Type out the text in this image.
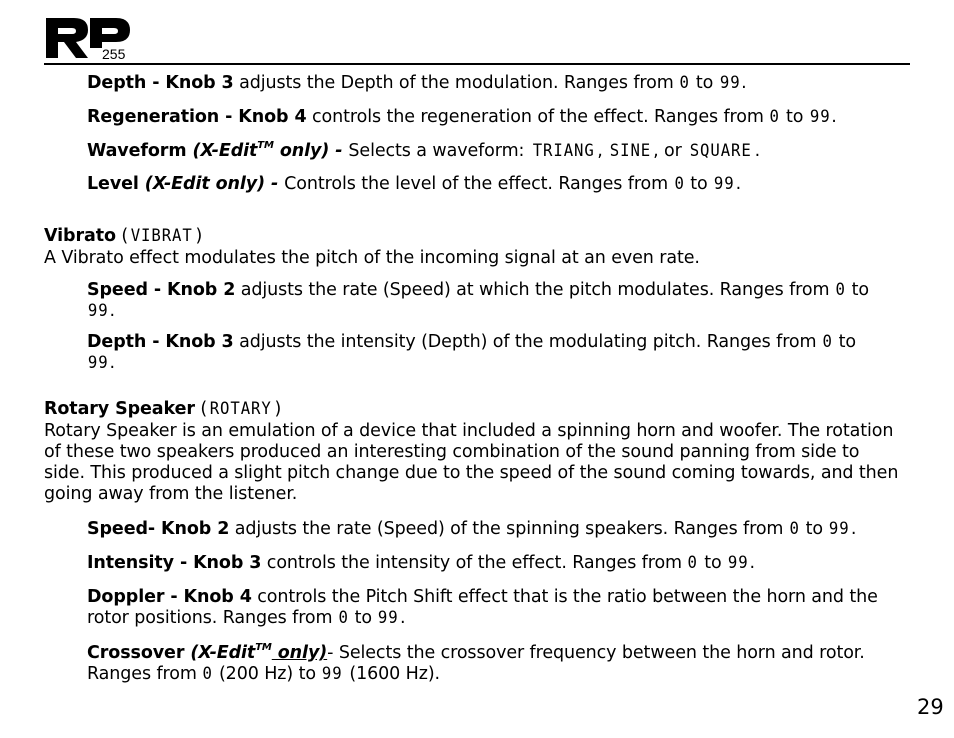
255
Depth - Knob 3 adjusts the Depth of the modulation. Ranges from 0 to 99.
Regeneration - Knob 4 controls the regeneration of the effect. Ranges from 0 to 99.
Waveform (X-Edit™ only) - Selects a waveform: TRIANG , SINE , or SQUARE .
Level (X-Edit only) - Controls the level of the effect. Ranges from 0 to 99.
Vibrato ( VIBRAT )
A Vibrato effect modulates the pitch of the incoming signal at an even rate.
Speed - Knob 2 adjusts the rate (Speed) at which the pitch modulates. Ranges from 0 to
99.
Depth - Knob 3 adjusts the intensity (Depth) of the modulating pitch. Ranges from 0 to
99.
Rotary Speaker ( ROTARY )
Rotary Speaker is an emulation of a device that included a spinning horn and woofer. The rotation
of these two speakers produced an interesting combination of the sound panning from side to
side. This produced a slight pitch change due to the speed of the sound coming towards, and then
going away from the listener.
Speed- Knob 2 adjusts the rate (Speed) of the spinning speakers. Ranges from 0 to 99.
Intensity - Knob 3 controls the intensity of the effect. Ranges from 0 to 99.
Doppler - Knob 4 controls the Pitch Shift effect that is the ratio between the horn and the
rotor positions. Ranges from 0 to 99.
Crossover (X-Edit™ only)- Selects the crossover frequency between the horn and rotor.
Ranges from 0 (200 Hz) to 99 (1600 Hz).
29
